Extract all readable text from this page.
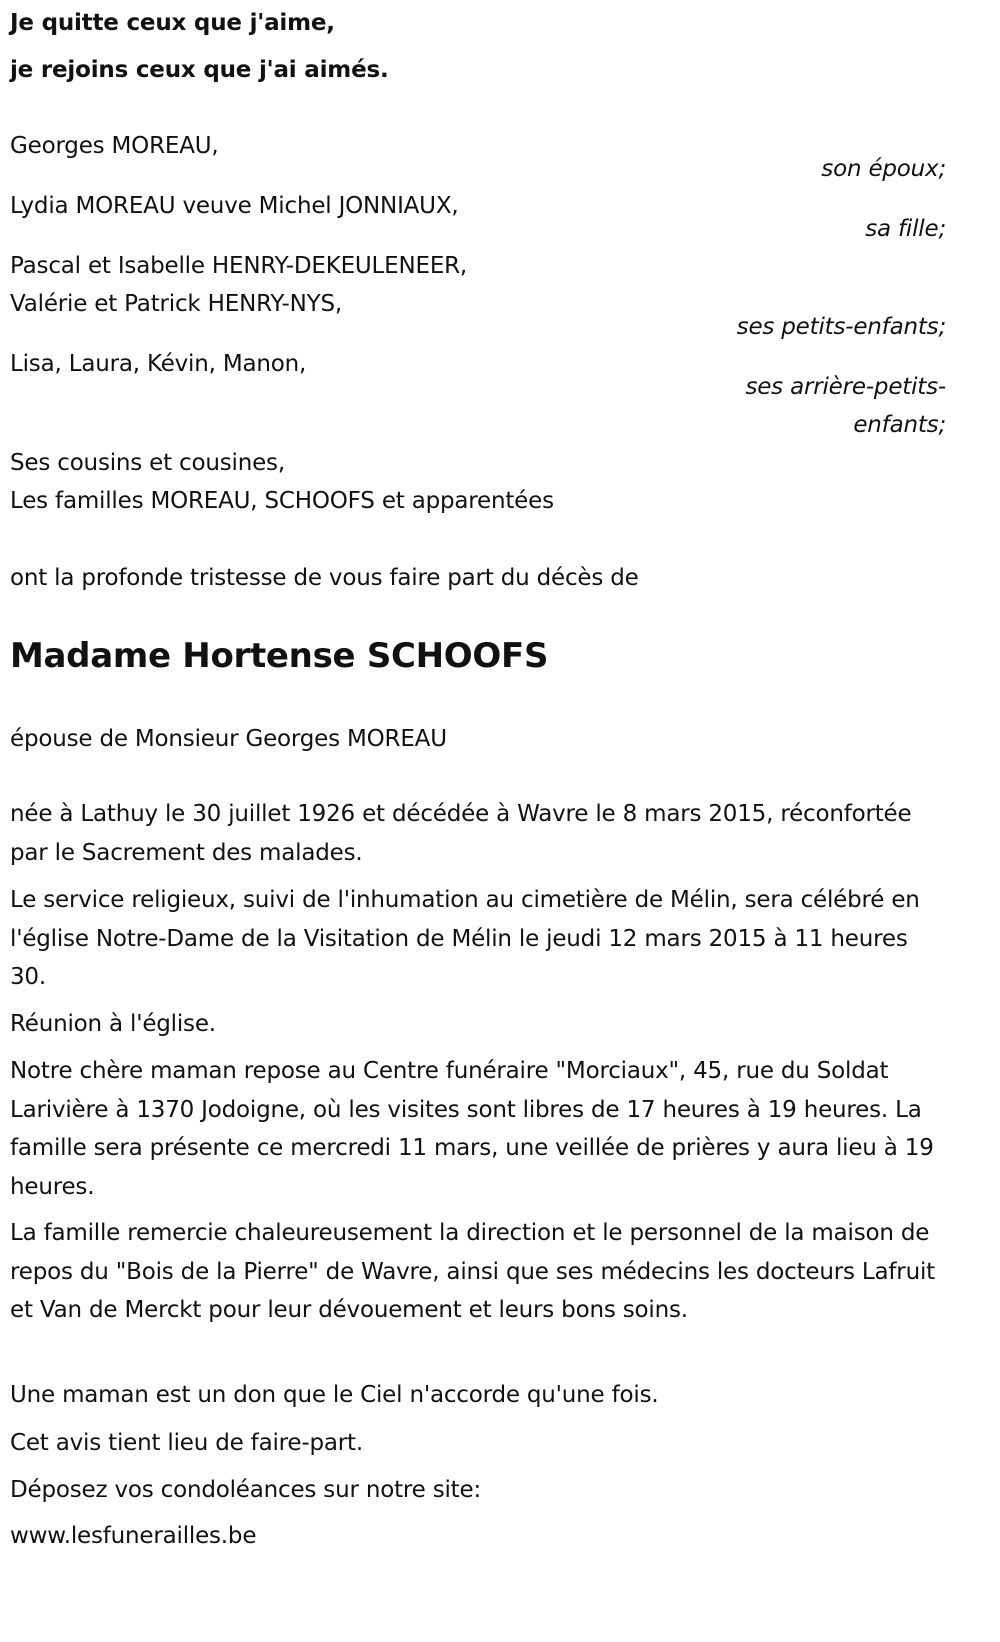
Je quitte ceux que j'aime,
je rejoins ceux que j'ai aimés.
Georges MOREAU,
Lydia MOREAU veuve Michel JONNIAUX,
Pascal et Isabelle HENRY-DEKEULENEER,
Valérie et Patrick HENRY-NYS,
Lisa, Laura, Kévin, Manon,
Ses cousins et cousines,
Les familles MOREAU, SCHOOFS et apparentées
son époux;
sa fille;
ses petits-enfants;
ses arrière-petits-
enfants;
ont la profonde tristesse de vous faire part du décès de
Madame Hortense SCHOOFS
épouse de Monsieur Georges MOREAU
née à Lathuy le 30 juillet 1926 et décédée à Wavre le 8 mars 2015, réconfortée par le Sacrement des malades.
Le service religieux, suivi de l'inhumation au cimetière de Mélin, sera célébré en l'église Notre-Dame de la Visitation de Mélin le jeudi 12 mars 2015 à 11 heures 30.
Réunion à l'église.
Notre chère maman repose au Centre funéraire "Morciaux", 45, rue du Soldat Larivière à 1370 Jodoigne, où les visites sont libres de 17 heures à 19 heures. La famille sera présente ce mercredi 11 mars, une veillée de prières y aura lieu à 19 heures.
La famille remercie chaleureusement la direction et le personnel de la maison de repos du "Bois de la Pierre" de Wavre, ainsi que ses médecins les docteurs Lafruit et Van de Merckt pour leur dévouement et leurs bons soins.
Une maman est un don que le Ciel n'accorde qu'une fois.
Cet avis tient lieu de faire-part.
Déposez vos condoléances sur notre site:
www.lesfunerailles.be
